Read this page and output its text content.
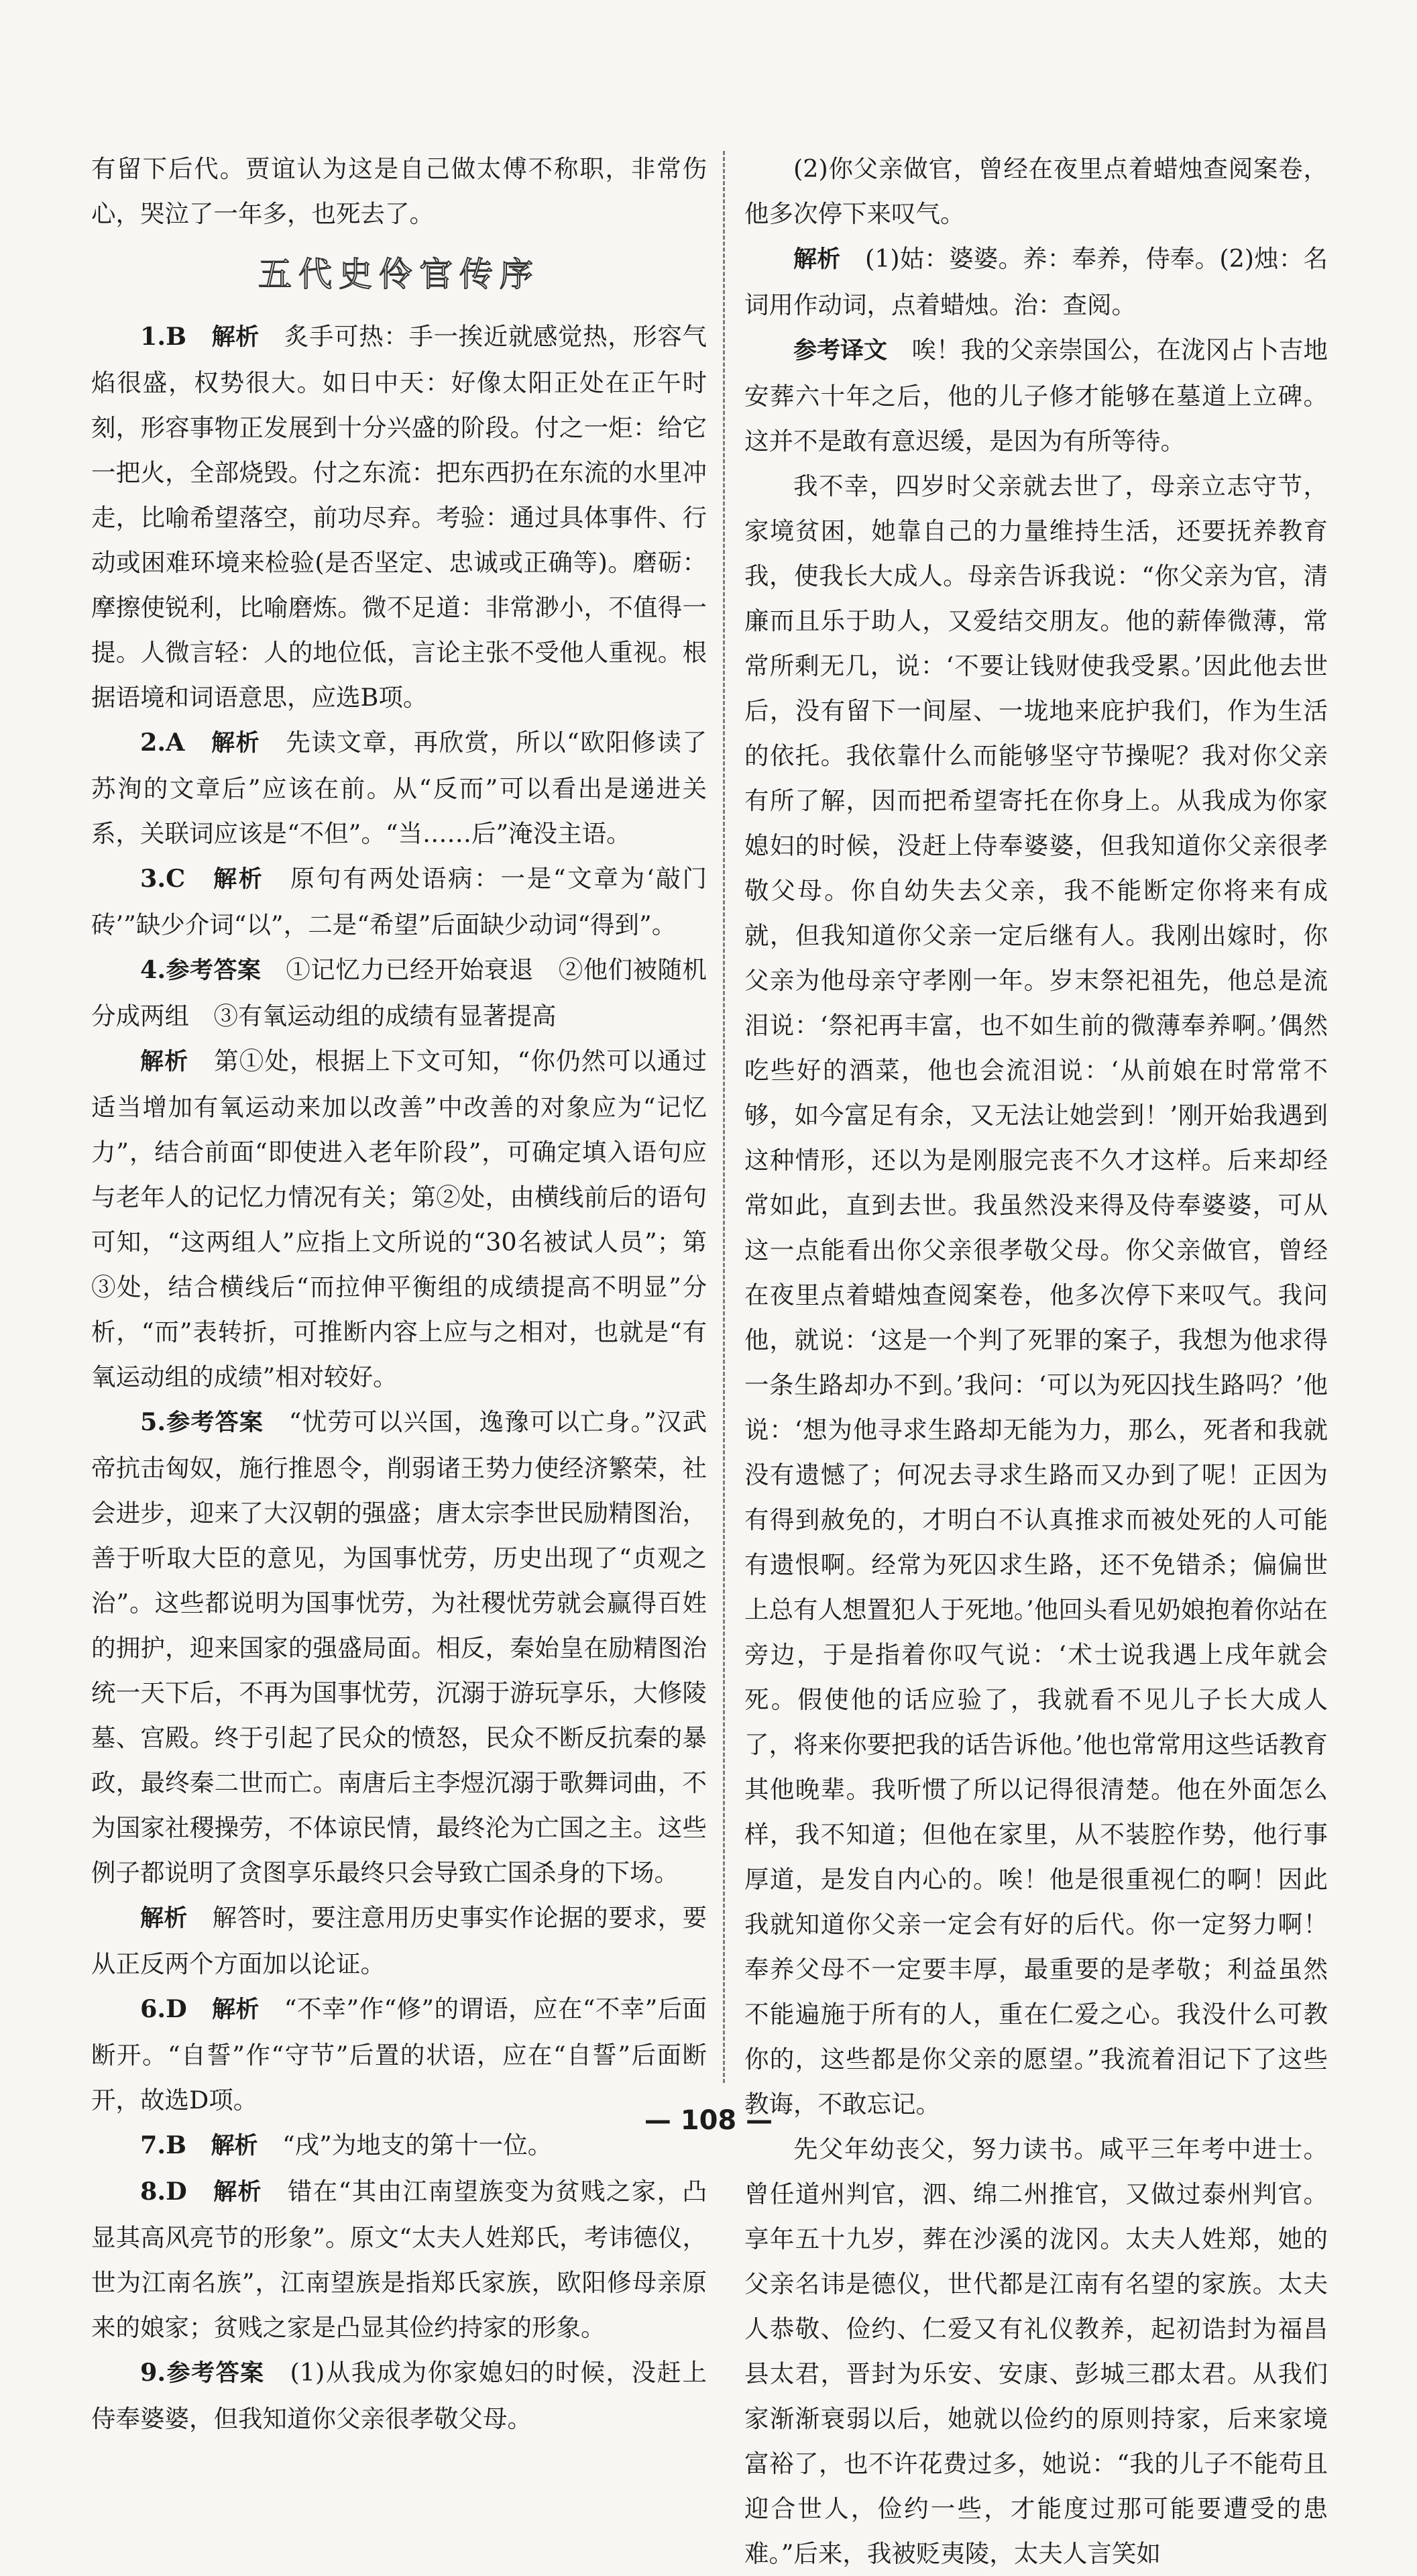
有留下后代。贾谊认为这是自己做太傅不称职，非常伤心，哭泣了一年多，也死去了。

五代史伶官传序

1.B　 解析　 炙手可热：手一挨近就感觉热，形容气焰很盛，权势很大。如日中天：好像太阳正处在正午时刻，形容事物正发展到十分兴盛的阶段。付之一炬：给它一把火，全部烧毁。付之东流：把东西扔在东流的水里冲走，比喻希望落空，前功尽弃。考验：通过具体事件、行动或困难环境来检验(是否坚定、忠诚或正确等)。磨砺：摩擦使锐利，比喻磨炼。微不足道：非常渺小，不值得一提。人微言轻：人的地位低，言论主张不受他人重视。根据语境和词语意思，应选B项。

2.A　 解析　 先读文章，再欣赏，所以“欧阳修读了苏洵的文章后”应该在前。从“反而”可以看出是递进关系，关联词应该是“不但”。“当……后”淹没主语。

3.C　 解析　 原句有两处语病：一是“文章为‘敲门砖’”缺少介词“以”，二是“希望”后面缺少动词“得到”。

4.参考答案　 ①记忆力已经开始衰退　②他们被随机分成两组　③有氧运动组的成绩有显著提高

解析　 第①处，根据上下文可知，“你仍然可以通过适当增加有氧运动来加以改善”中改善的对象应为“记忆力”，结合前面“即使进入老年阶段”，可确定填入语句应与老年人的记忆力情况有关；第②处，由横线前后的语句可知，“这两组人”应指上文所说的“30名被试人员”；第③处，结合横线后“而拉伸平衡组的成绩提高不明显”分析，“而”表转折，可推断内容上应与之相对，也就是“有氧运动组的成绩”相对较好。

5.参考答案　 “忧劳可以兴国，逸豫可以亡身。”汉武帝抗击匈奴，施行推恩令，削弱诸王势力使经济繁荣，社会进步，迎来了大汉朝的强盛；唐太宗李世民励精图治，善于听取大臣的意见，为国事忧劳，历史出现了“贞观之治”。这些都说明为国事忧劳，为社稷忧劳就会赢得百姓的拥护，迎来国家的强盛局面。相反，秦始皇在励精图治统一天下后，不再为国事忧劳，沉溺于游玩享乐，大修陵墓、宫殿。终于引起了民众的愤怒，民众不断反抗秦的暴政，最终秦二世而亡。南唐后主李煜沉溺于歌舞词曲，不为国家社稷操劳，不体谅民情，最终沦为亡国之主。这些例子都说明了贪图享乐最终只会导致亡国杀身的下场。

解析　 解答时，要注意用历史事实作论据的要求，要从正反两个方面加以论证。

6.D　 解析　 “不幸”作“修”的谓语，应在“不幸”后面断开。“自誓”作“守节”后置的状语，应在“自誓”后面断开，故选D项。

7.B　 解析　 “戌”为地支的第十一位。

8.D　 解析　 错在“其由江南望族变为贫贱之家，凸显其高风亮节的形象”。原文“太夫人姓郑氏，考讳德仪，世为江南名族”，江南望族是指郑氏家族，欧阳修母亲原来的娘家；贫贱之家是凸显其俭约持家的形象。

9.参考答案　 (1)从我成为你家媳妇的时候，没赶上侍奉婆婆，但我知道你父亲很孝敬父母。

(2)你父亲做官，曾经在夜里点着蜡烛查阅案卷，他多次停下来叹气。

解析　 (1)姑：婆婆。养：奉养，侍奉。(2)烛：名词用作动词，点着蜡烛。治：查阅。

参考译文　 唉！我的父亲崇国公，在泷冈占卜吉地安葬六十年之后，他的儿子修才能够在墓道上立碑。这并不是敢有意迟缓，是因为有所等待。

我不幸，四岁时父亲就去世了，母亲立志守节，家境贫困，她靠自己的力量维持生活，还要抚养教育我，使我长大成人。母亲告诉我说：“你父亲为官，清廉而且乐于助人，又爱结交朋友。他的薪俸微薄，常常所剩无几，说：‘不要让钱财使我受累。’因此他去世后，没有留下一间屋、一垅地来庇护我们，作为生活的依托。我依靠什么而能够坚守节操呢？我对你父亲有所了解，因而把希望寄托在你身上。从我成为你家媳妇的时候，没赶上侍奉婆婆，但我知道你父亲很孝敬父母。你自幼失去父亲，我不能断定你将来有成就，但我知道你父亲一定后继有人。我刚出嫁时，你父亲为他母亲守孝刚一年。岁末祭祀祖先，他总是流泪说：‘祭祀再丰富，也不如生前的微薄奉养啊。’偶然吃些好的酒菜，他也会流泪说：‘从前娘在时常常不够，如今富足有余，又无法让她尝到！’刚开始我遇到这种情形，还以为是刚服完丧不久才这样。后来却经常如此，直到去世。我虽然没来得及侍奉婆婆，可从这一点能看出你父亲很孝敬父母。你父亲做官，曾经在夜里点着蜡烛查阅案卷，他多次停下来叹气。我问他，就说：‘这是一个判了死罪的案子，我想为他求得一条生路却办不到。’我问：‘可以为死囚找生路吗？’他说：‘想为他寻求生路却无能为力，那么，死者和我就没有遗憾了；何况去寻求生路而又办到了呢！正因为有得到赦免的，才明白不认真推求而被处死的人可能有遗恨啊。经常为死囚求生路，还不免错杀；偏偏世上总有人想置犯人于死地。’他回头看见奶娘抱着你站在旁边，于是指着你叹气说：‘术士说我遇上戌年就会死。假使他的话应验了，我就看不见儿子长大成人了，将来你要把我的话告诉他。’他也常常用这些话教育其他晚辈。我听惯了所以记得很清楚。他在外面怎么样，我不知道；但他在家里，从不装腔作势，他行事厚道，是发自内心的。唉！他是很重视仁的啊！因此我就知道你父亲一定会有好的后代。你一定努力啊！奉养父母不一定要丰厚，最重要的是孝敬；利益虽然不能遍施于所有的人，重在仁爱之心。我没什么可教你的，这些都是你父亲的愿望。”我流着泪记下了这些教诲，不敢忘记。

先父年幼丧父，努力读书。咸平三年考中进士。曾任道州判官，泗、绵二州推官，又做过泰州判官。享年五十九岁，葬在沙溪的泷冈。太夫人姓郑，她的父亲名讳是德仪，世代都是江南有名望的家族。太夫人恭敬、俭约、仁爱又有礼仪教养，起初诰封为福昌县太君，晋封为乐安、安康、彭城三郡太君。从我们家渐渐衰弱以后，她就以俭约的原则持家，后来家境富裕了，也不许花费过多，她说：“我的儿子不能苟且迎合世人，俭约一些，才能度过那可能要遭受的患难。”后来，我被贬夷陵，太夫人言笑如

— 108 —
